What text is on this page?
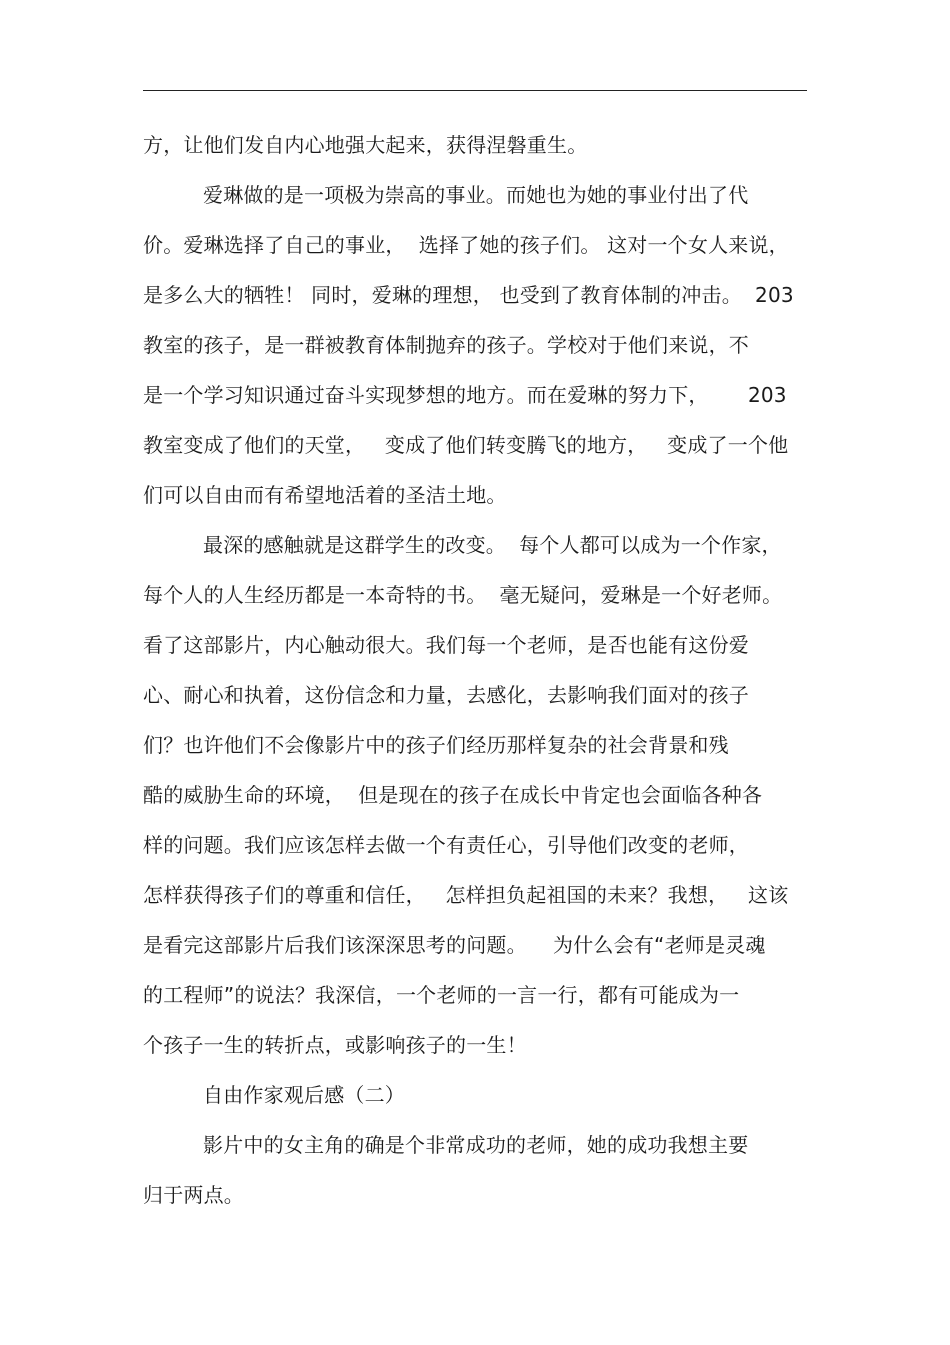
方，让他们发自内心地强大起来，获得涅磐重生。
爱琳做的是一项极为崇高的事业。而她也为她的事业付出了代
价。爱琳选择了自己的事业，  选择了她的孩子们。 这对一个女人来说，
是多么大的牺牲！ 同时，爱琳的理想， 也受到了教育体制的冲击。  203
教室的孩子，是一群被教育体制抛弃的孩子。学校对于他们来说，不
是一个学习知识通过奋斗实现梦想的地方。而在爱琳的努力下，      203
教室变成了他们的天堂，   变成了他们转变腾飞的地方，   变成了一个他
们可以自由而有希望地活着的圣洁土地。
最深的感触就是这群学生的改变。  每个人都可以成为一个作家，
每个人的人生经历都是一本奇特的书。  毫无疑问，爱琳是一个好老师。
看了这部影片，内心触动很大。我们每一个老师，是否也能有这份爱
心、耐心和执着，这份信念和力量，去感化，去影响我们面对的孩子
们？也许他们不会像影片中的孩子们经历那样复杂的社会背景和残
酷的威胁生命的环境，  但是现在的孩子在成长中肯定也会面临各种各
样的问题。我们应该怎样去做一个有责任心，引导他们改变的老师，
怎样获得孩子们的尊重和信任，   怎样担负起祖国的未来？我想，   这该
是看完这部影片后我们该深深思考的问题。    为什么会有“老师是灵魂
的工程师”的说法？我深信，一个老师的一言一行，都有可能成为一
个孩子一生的转折点，或影响孩子的一生！
自由作家观后感（二）
影片中的女主角的确是个非常成功的老师，她的成功我想主要
归于两点。
